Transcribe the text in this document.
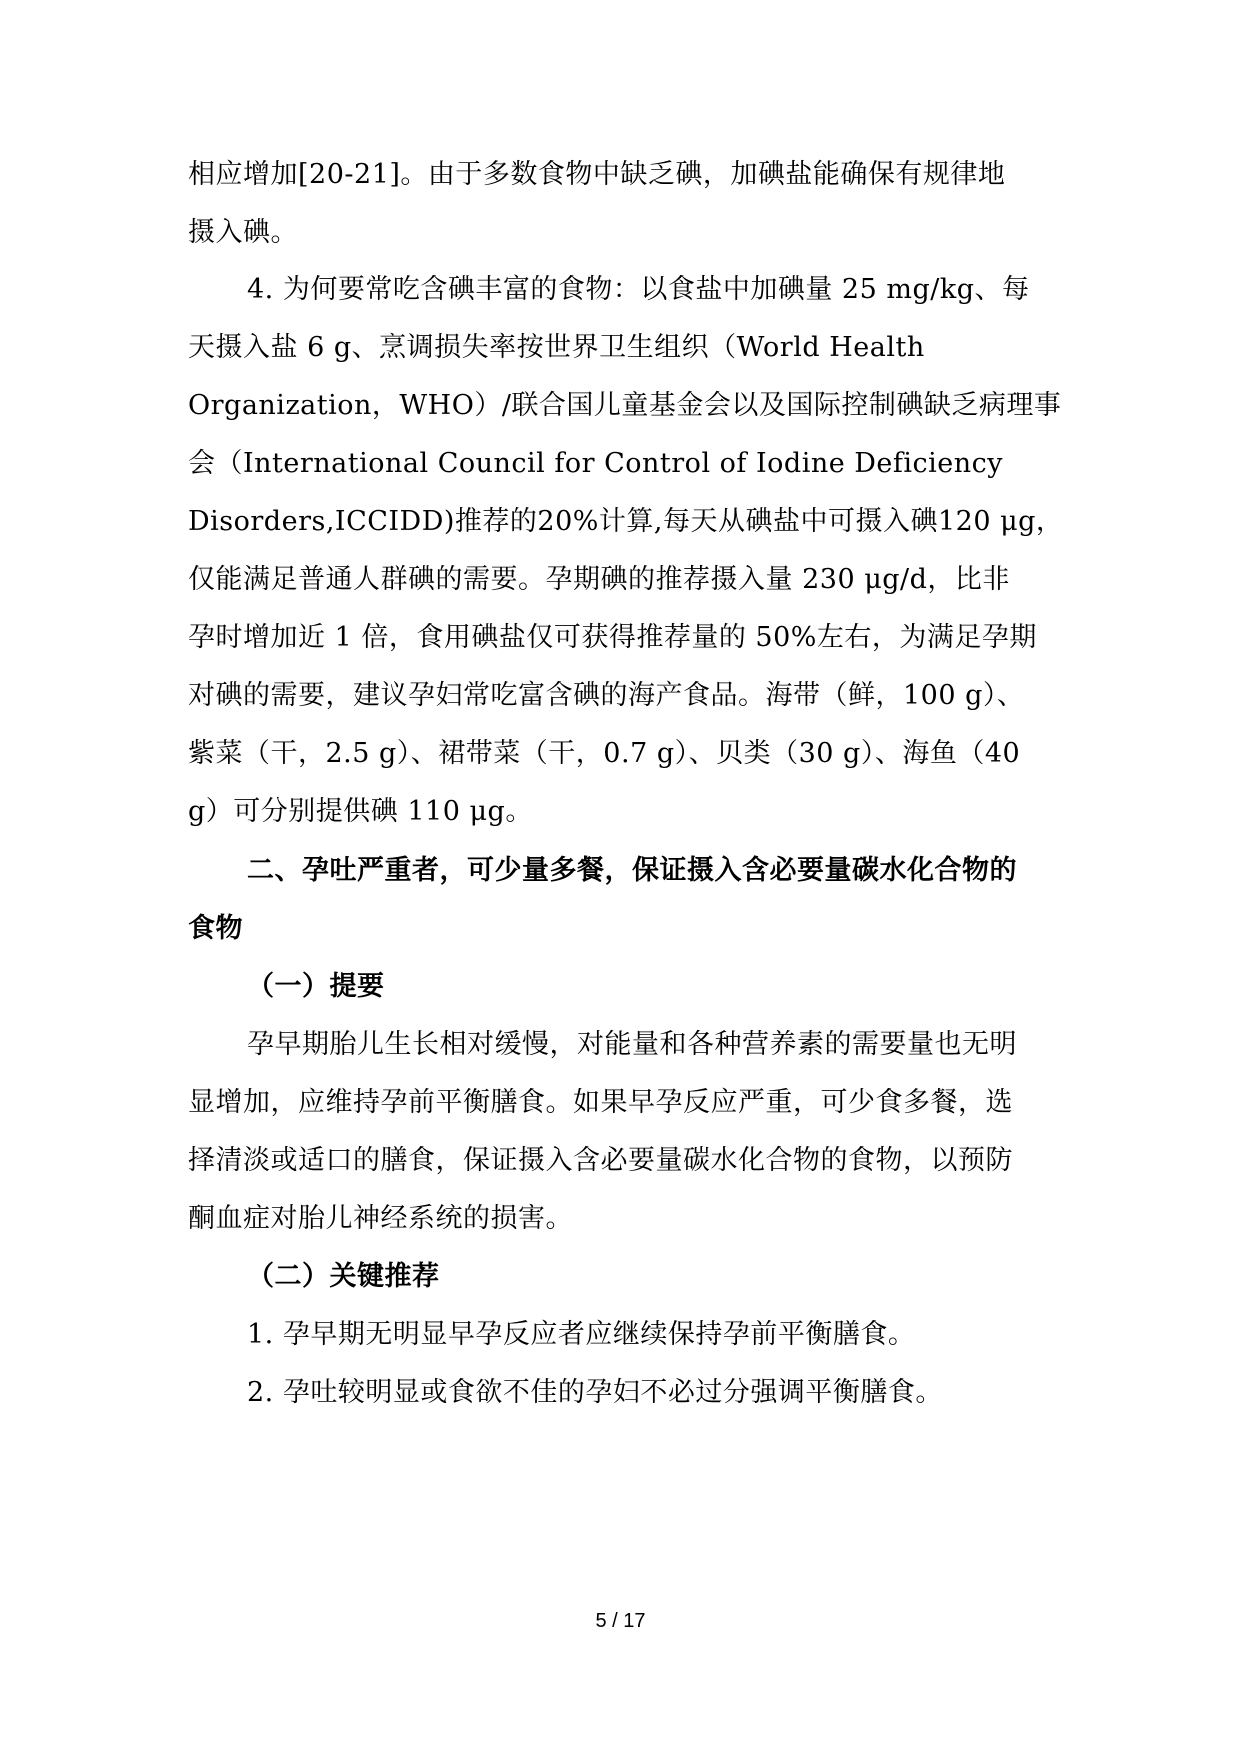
相应增加[20-21]。由于多数食物中缺乏碘，加碘盐能确保有规律地
摄入碘。
4. 为何要常吃含碘丰富的食物：以食盐中加碘量 25 mg/kg、每
天摄入盐 6 g、烹调损失率按世界卫生组织（World Health
Organization，WHO）/联合国儿童基金会以及国际控制碘缺乏病理事
会（International Council for Control of Iodine Deficiency
Disorders,ICCIDD)推荐的20%计算,每天从碘盐中可摄入碘120 μg，
仅能满足普通人群碘的需要。孕期碘的推荐摄入量 230 μg/d，比非
孕时增加近 1 倍，食用碘盐仅可获得推荐量的 50%左右，为满足孕期
对碘的需要，建议孕妇常吃富含碘的海产食品。海带（鲜，100 g）、
紫菜（干，2.5 g）、裙带菜（干，0.7 g）、贝类（30 g）、海鱼（40
g）可分别提供碘 110 μg。
二、孕吐严重者，可少量多餐，保证摄入含必要量碳水化合物的
食物
（一）提要
孕早期胎儿生长相对缓慢，对能量和各种营养素的需要量也无明
显增加，应维持孕前平衡膳食。如果早孕反应严重，可少食多餐，选
择清淡或适口的膳食，保证摄入含必要量碳水化合物的食物，以预防
酮血症对胎儿神经系统的损害。
（二）关键推荐
1. 孕早期无明显早孕反应者应继续保持孕前平衡膳食。
2. 孕吐较明显或食欲不佳的孕妇不必过分强调平衡膳食。
5 / 17
